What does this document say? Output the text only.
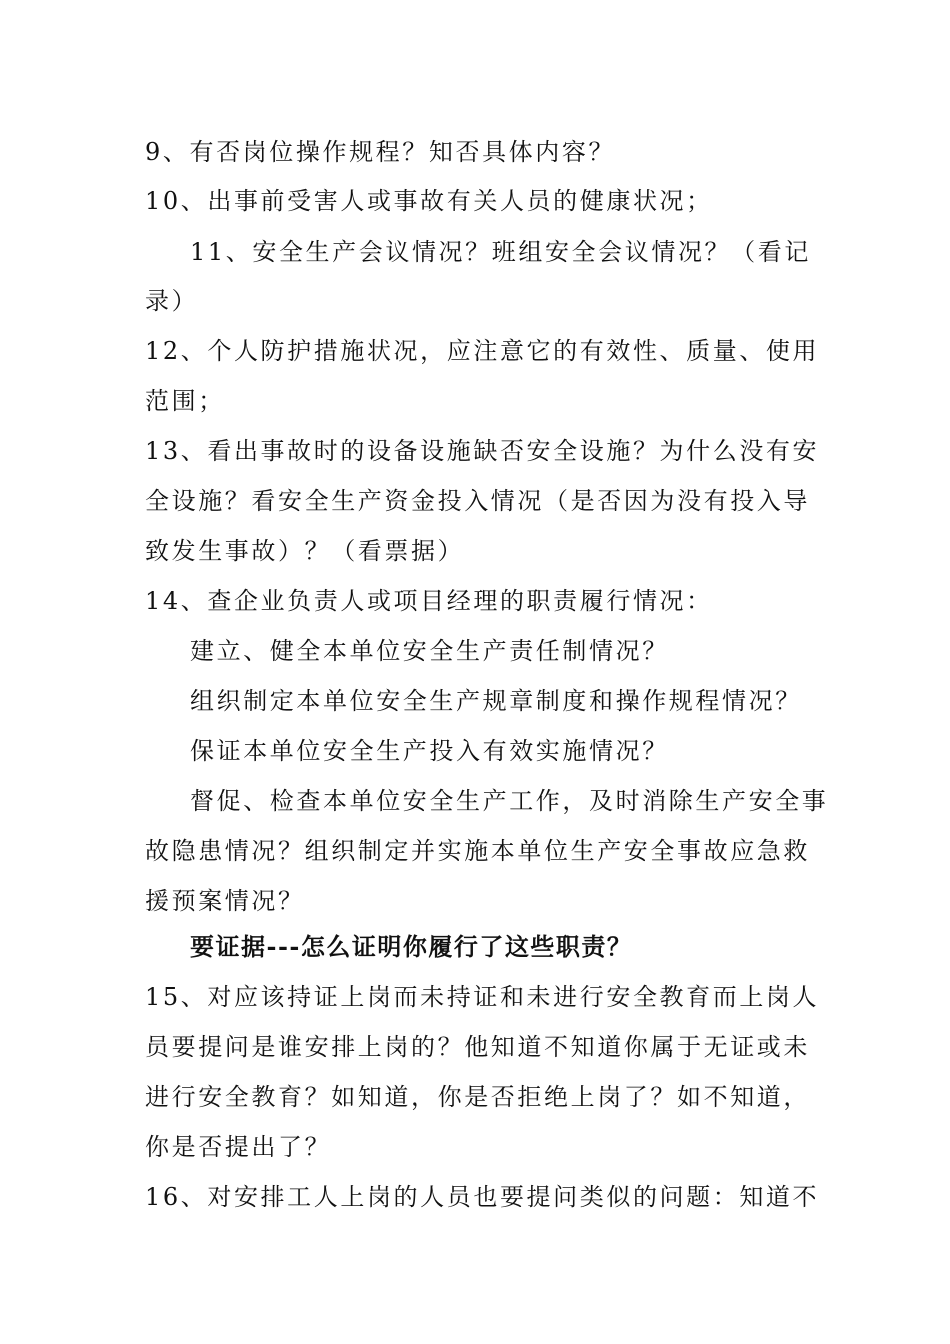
9、有否岗位操作规程？知否具体内容？
10、出事前受害人或事故有关人员的健康状况；
11、安全生产会议情况？班组安全会议情况？（看记
录）
12、个人防护措施状况，应注意它的有效性、质量、使用
范围；
13、看出事故时的设备设施缺否安全设施？为什么没有安
全设施？看安全生产资金投入情况（是否因为没有投入导
致发生事故）？（看票据）
14、查企业负责人或项目经理的职责履行情况：
建立、健全本单位安全生产责任制情况？
组织制定本单位安全生产规章制度和操作规程情况？
保证本单位安全生产投入有效实施情况？
督促、检查本单位安全生产工作，及时消除生产安全事
故隐患情况？组织制定并实施本单位生产安全事故应急救
援预案情况？
要证据---怎么证明你履行了这些职责？
15、对应该持证上岗而未持证和未进行安全教育而上岗人
员要提问是谁安排上岗的？他知道不知道你属于无证或未
进行安全教育？如知道，你是否拒绝上岗了？如不知道，
你是否提出了？
16、对安排工人上岗的人员也要提问类似的问题：知道不
